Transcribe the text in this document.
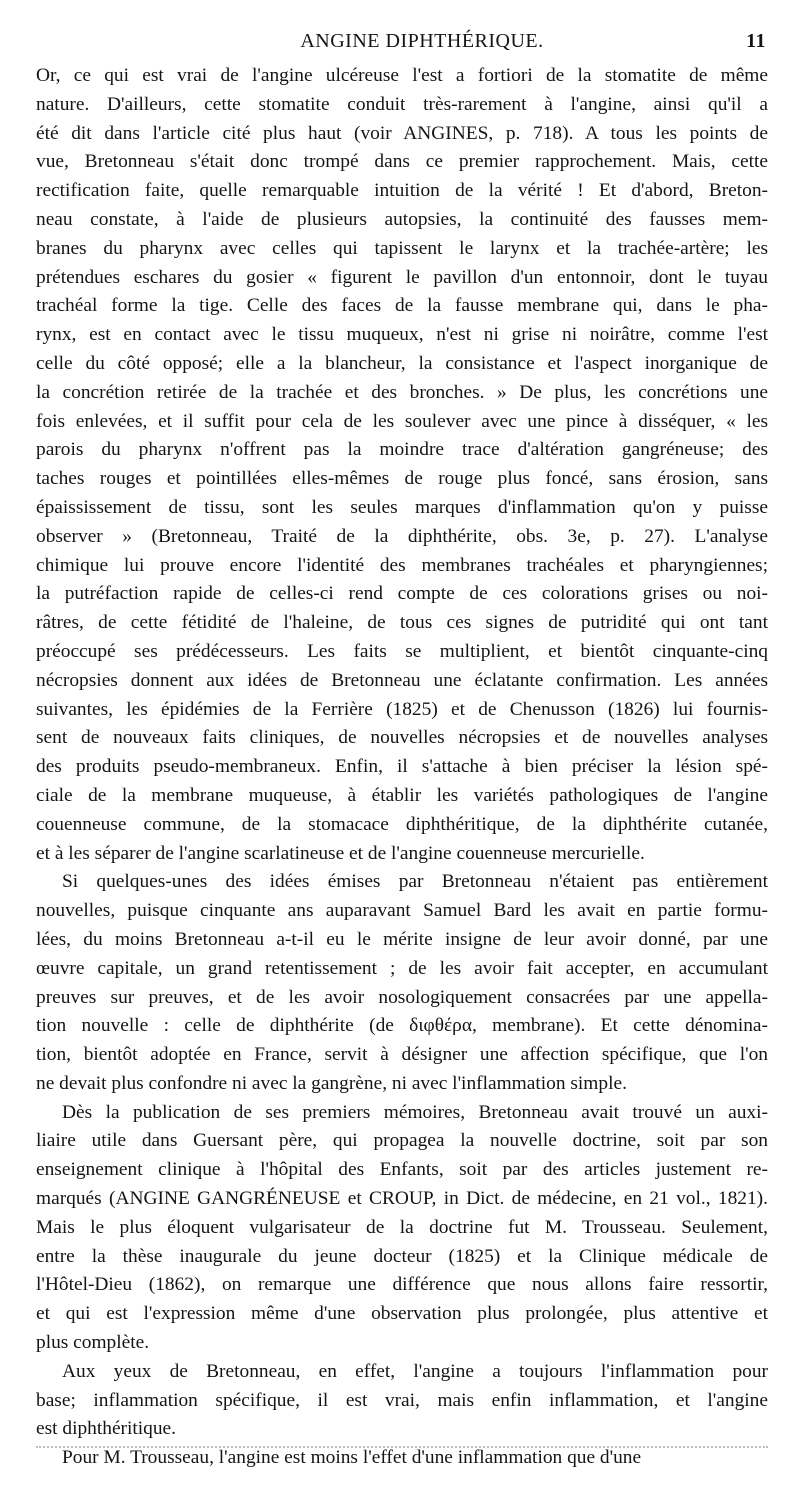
ANGINE DIPHTHÉRIQUE.	11
Or, ce qui est vrai de l'angine ulcéreuse l'est a fortiori de la stomatite de même
nature. D'ailleurs, cette stomatite conduit très-rarement à l'angine, ainsi qu'il a
été dit dans l'article cité plus haut (voir ANGINES, p. 718). A tous les points de
vue, Bretonneau s'était donc trompé dans ce premier rapprochement. Mais, cette
rectification faite, quelle remarquable intuition de la vérité ! Et d'abord, Breton-
neau constate, à l'aide de plusieurs autopsies, la continuité des fausses mem-
branes du pharynx avec celles qui tapissent le larynx et la trachée-artère; les
prétendues eschares du gosier « figurent le pavillon d'un entonnoir, dont le tuyau
trachéal forme la tige. Celle des faces de la fausse membrane qui, dans le pha-
rynx, est en contact avec le tissu muqueux, n'est ni grise ni noirâtre, comme l'est
celle du côté opposé; elle a la blancheur, la consistance et l'aspect inorganique de
la concrétion retirée de la trachée et des bronches. » De plus, les concrétions une
fois enlevées, et il suffit pour cela de les soulever avec une pince à disséquer, « les
parois du pharynx n'offrent pas la moindre trace d'altération gangréneuse; des
taches rouges et pointillées elles-mêmes de rouge plus foncé, sans érosion, sans
épaississement de tissu, sont les seules marques d'inflammation qu'on y puisse
observer » (Bretonneau, Traité de la diphthérite, obs. 3e, p. 27). L'analyse
chimique lui prouve encore l'identité des membranes trachéales et pharyngiennes;
la putréfaction rapide de celles-ci rend compte de ces colorations grises ou noi-
râtres, de cette fétidité de l'haleine, de tous ces signes de putridité qui ont tant
préoccupé ses prédécesseurs. Les faits se multiplient, et bientôt cinquante-cinq
nécropsies donnent aux idées de Bretonneau une éclatante confirmation. Les années
suivantes, les épidémies de la Ferrière (1825) et de Chenusson (1826) lui fournis-
sent de nouveaux faits cliniques, de nouvelles nécropsies et de nouvelles analyses
des produits pseudo-membraneux. Enfin, il s'attache à bien préciser la lésion spé-
ciale de la membrane muqueuse, à établir les variétés pathologiques de l'angine
couenneuse commune, de la stomacace diphthéritique, de la diphthérite cutanée,
et à les séparer de l'angine scarlatineuse et de l'angine couenneuse mercurielle.
Si quelques-unes des idées émises par Bretonneau n'étaient pas entièrement
nouvelles, puisque cinquante ans auparavant Samuel Bard les avait en partie formu-
lées, du moins Bretonneau a-t-il eu le mérite insigne de leur avoir donné, par une
œuvre capitale, un grand retentissement ; de les avoir fait accepter, en accumulant
preuves sur preuves, et de les avoir nosologiquement consacrées par une appella-
tion nouvelle : celle de diphthérite (de διφθέρα, membrane). Et cette dénomina-
tion, bientôt adoptée en France, servit à désigner une affection spécifique, que l'on
ne devait plus confondre ni avec la gangrène, ni avec l'inflammation simple.
Dès la publication de ses premiers mémoires, Bretonneau avait trouvé un auxi-
liaire utile dans Guersant père, qui propagea la nouvelle doctrine, soit par son
enseignement clinique à l'hôpital des Enfants, soit par des articles justement re-
marqués (ANGINE GANGRÉNEUSE et CROUP, in Dict. de médecine, en 21 vol., 1821).
Mais le plus éloquent vulgarisateur de la doctrine fut M. Trousseau. Seulement,
entre la thèse inaugurale du jeune docteur (1825) et la Clinique médicale de
l'Hôtel-Dieu (1862), on remarque une différence que nous allons faire ressortir,
et qui est l'expression même d'une observation plus prolongée, plus attentive et
plus complète.
Aux yeux de Bretonneau, en effet, l'angine a toujours l'inflammation pour
base; inflammation spécifique, il est vrai, mais enfin inflammation, et l'angine
est diphthéritique.
Pour M. Trousseau, l'angine est moins l'effet d'une inflammation que d'une
